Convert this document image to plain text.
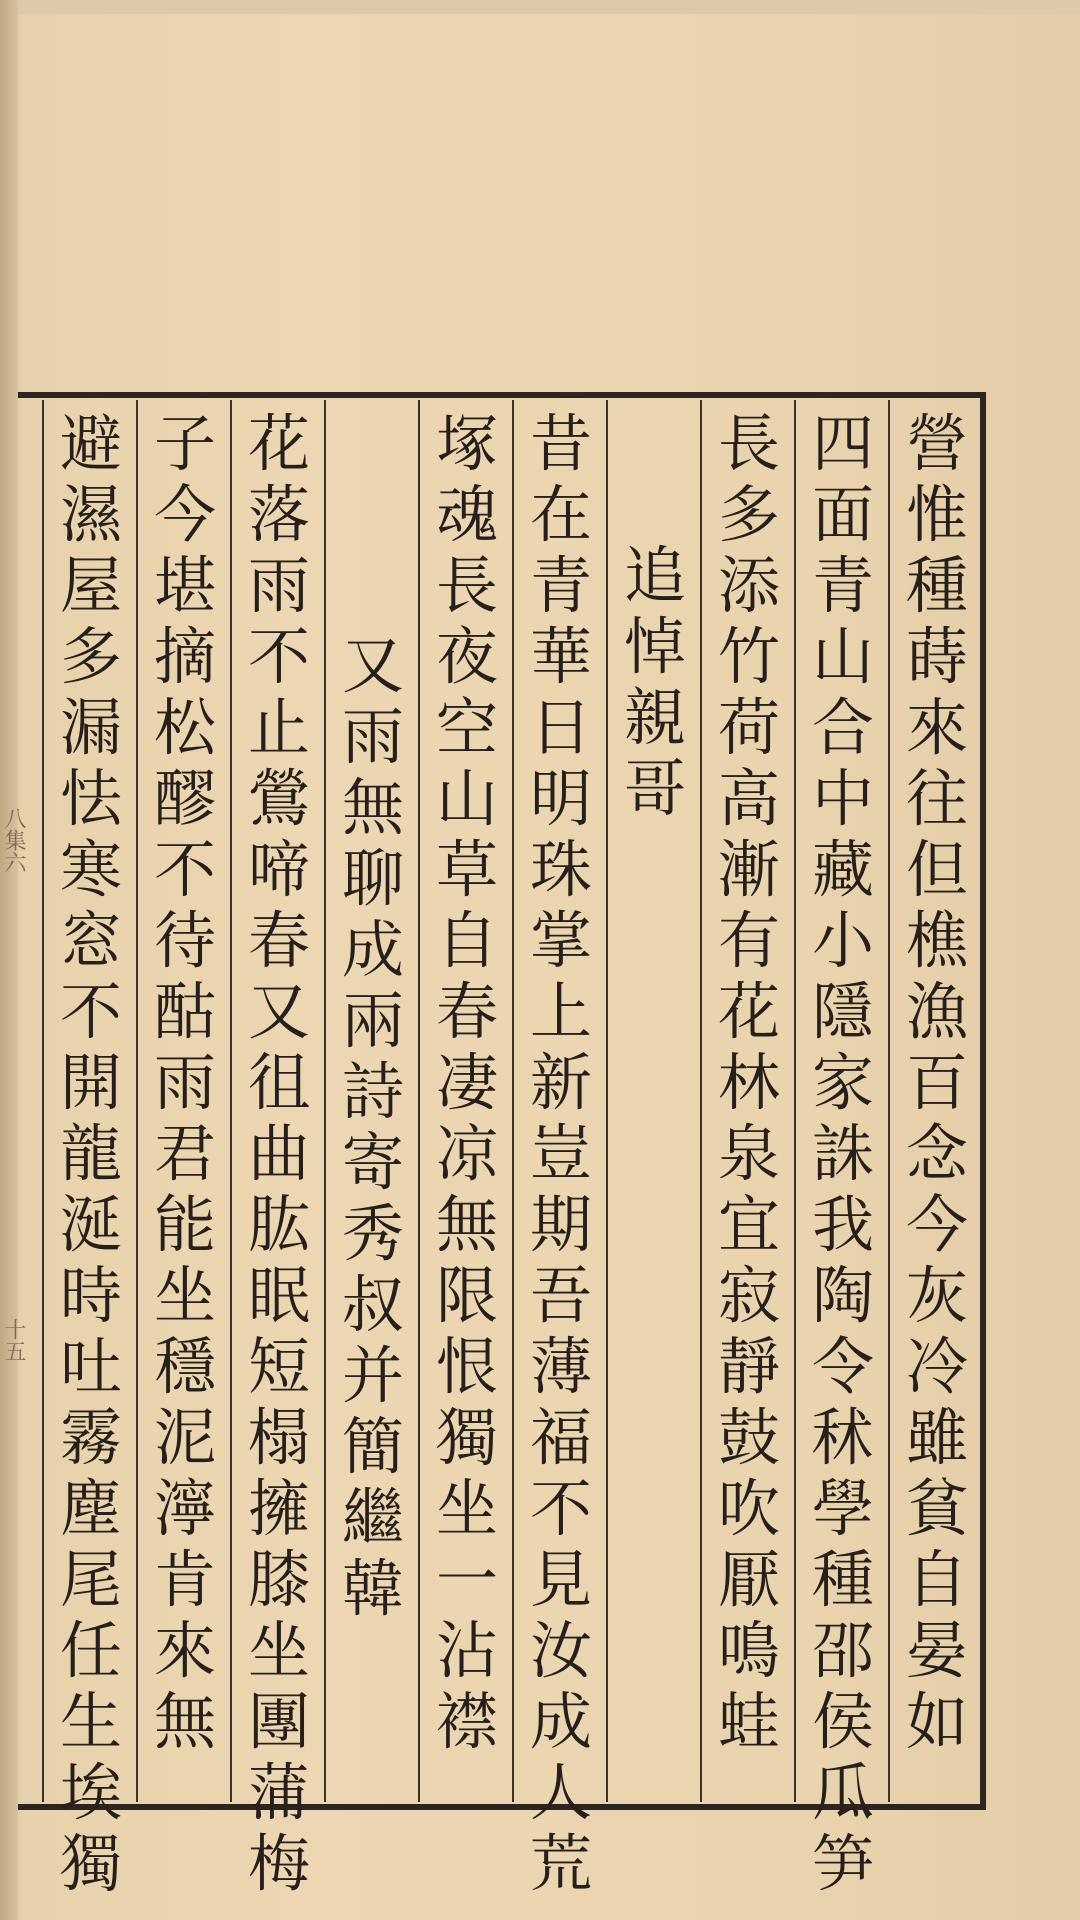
八集六
十五
營
惟
種
蒔
來
往
但
樵
漁
百
念
今
灰
冷
雖
貧
自
晏
如
四
面
青
山
合
中
藏
小
隱
家
誅
我
陶
令
秫
學
種
邵
侯
瓜
笋
長
多
添
竹
荷
高
漸
有
花
林
泉
宜
寂
靜
鼓
吹
厭
鳴
蛙
追
悼
親
哥
昔
在
青
華
日
明
珠
掌
上
新
豈
期
吾
薄
福
不
見
汝
成
人
荒
塚
魂
長
夜
空
山
草
自
春
凄
凉
無
限
恨
獨
坐
一
沾
襟
又
雨
無
聊
成
兩
詩
寄
秀
叔
并
簡
繼
韓
花
落
雨
不
止
鶯
啼
春
又
徂
曲
肱
眠
短
榻
擁
膝
坐
團
蒲
梅
子
今
堪
摘
松
醪
不
待
酤
雨
君
能
坐
穩
泥
濘
肯
來
無
避
濕
屋
多
漏
怯
寒
窓
不
開
龍
涎
時
吐
霧
塵
尾
任
生
埃
獨
